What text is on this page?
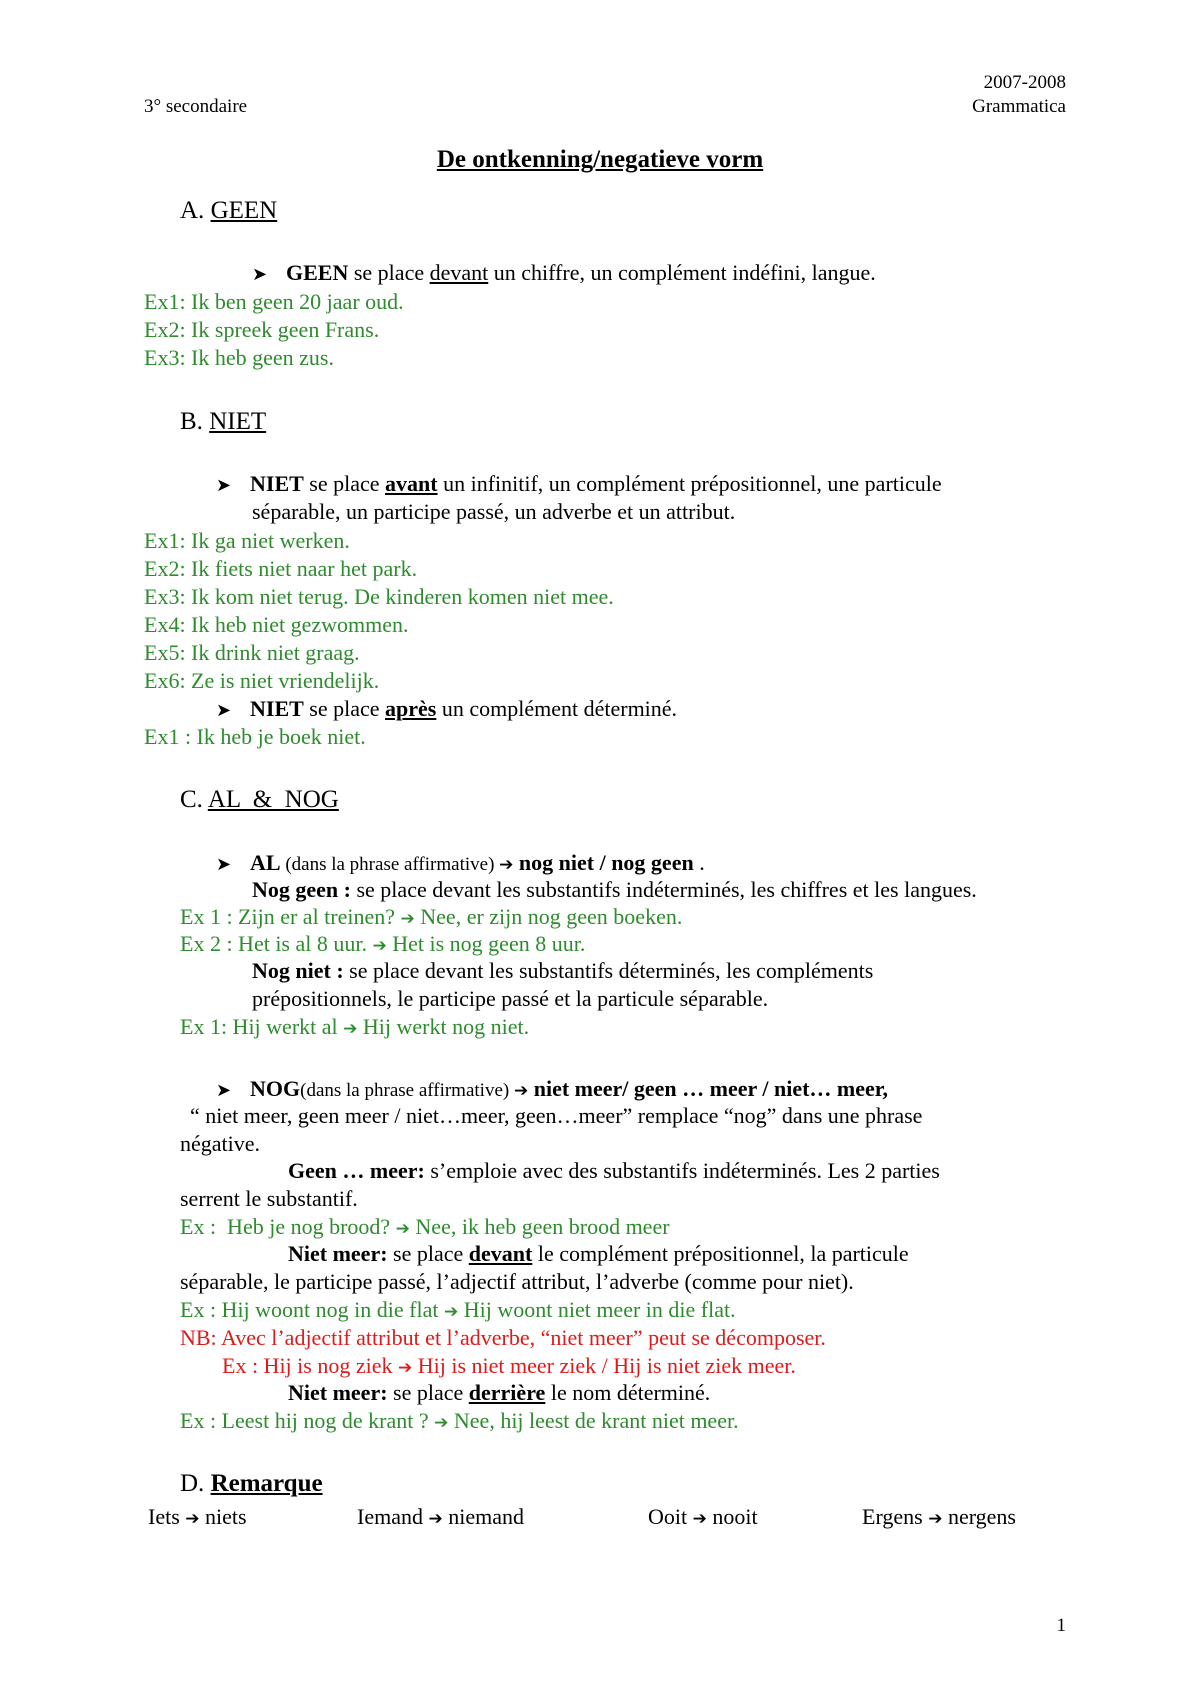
3° secondaire
2007-2008
Grammatica
De ontkenning/negatieve vorm
A. GEEN
➤ GEEN se place devant un chiffre, un complément indéfini, langue.
Ex1: Ik ben geen 20 jaar oud.
Ex2: Ik spreek geen Frans.
Ex3: Ik heb geen zus.
B. NIET
➤ NIET se place avant un infinitif, un complément prépositionnel, une particule
séparable, un participe passé, un adverbe et un attribut.
Ex1: Ik ga niet werken.
Ex2: Ik fiets niet naar het park.
Ex3: Ik kom niet terug. De kinderen komen niet mee.
Ex4: Ik heb niet gezwommen.
Ex5: Ik drink niet graag.
Ex6: Ze is niet vriendelijk.
➤ NIET se place après un complément déterminé.
Ex1 : Ik heb je boek niet.
C. AL  &  NOG
➤ AL (dans la phrase affirmative) ➔ nog niet / nog geen .
Nog geen : se place devant les substantifs indéterminés, les chiffres et les langues.
Ex 1 : Zijn er al treinen? ➔ Nee, er zijn nog geen boeken.
Ex 2 : Het is al 8 uur. ➔ Het is nog geen 8 uur.
Nog niet : se place devant les substantifs déterminés, les compléments
prépositionnels, le participe passé et la particule séparable.
Ex 1: Hij werkt al ➔ Hij werkt nog niet.
➤ NOG(dans la phrase affirmative) ➔ niet meer/ geen … meer / niet… meer,
“ niet meer, geen meer / niet…meer, geen…meer” remplace “nog” dans une phrase
négative.
Geen … meer: s’emploie avec des substantifs indéterminés. Les 2 parties
serrent le substantif.
Ex :  Heb je nog brood? ➔ Nee, ik heb geen brood meer
Niet meer: se place devant le complément prépositionnel, la particule
séparable, le participe passé, l’adjectif attribut, l’adverbe (comme pour niet).
Ex : Hij woont nog in die flat ➔ Hij woont niet meer in die flat.
NB: Avec l’adjectif attribut et l’adverbe, “niet meer” peut se décomposer.
Ex : Hij is nog ziek ➔ Hij is niet meer ziek / Hij is niet ziek meer.
Niet meer: se place derrière le nom déterminé.
Ex : Leest hij nog de krant ? ➔ Nee, hij leest de krant niet meer.
D. Remarque
Iets ➔ niets	Iemand ➔ niemand	Ooit ➔ nooit	Ergens ➔ nergens
1
